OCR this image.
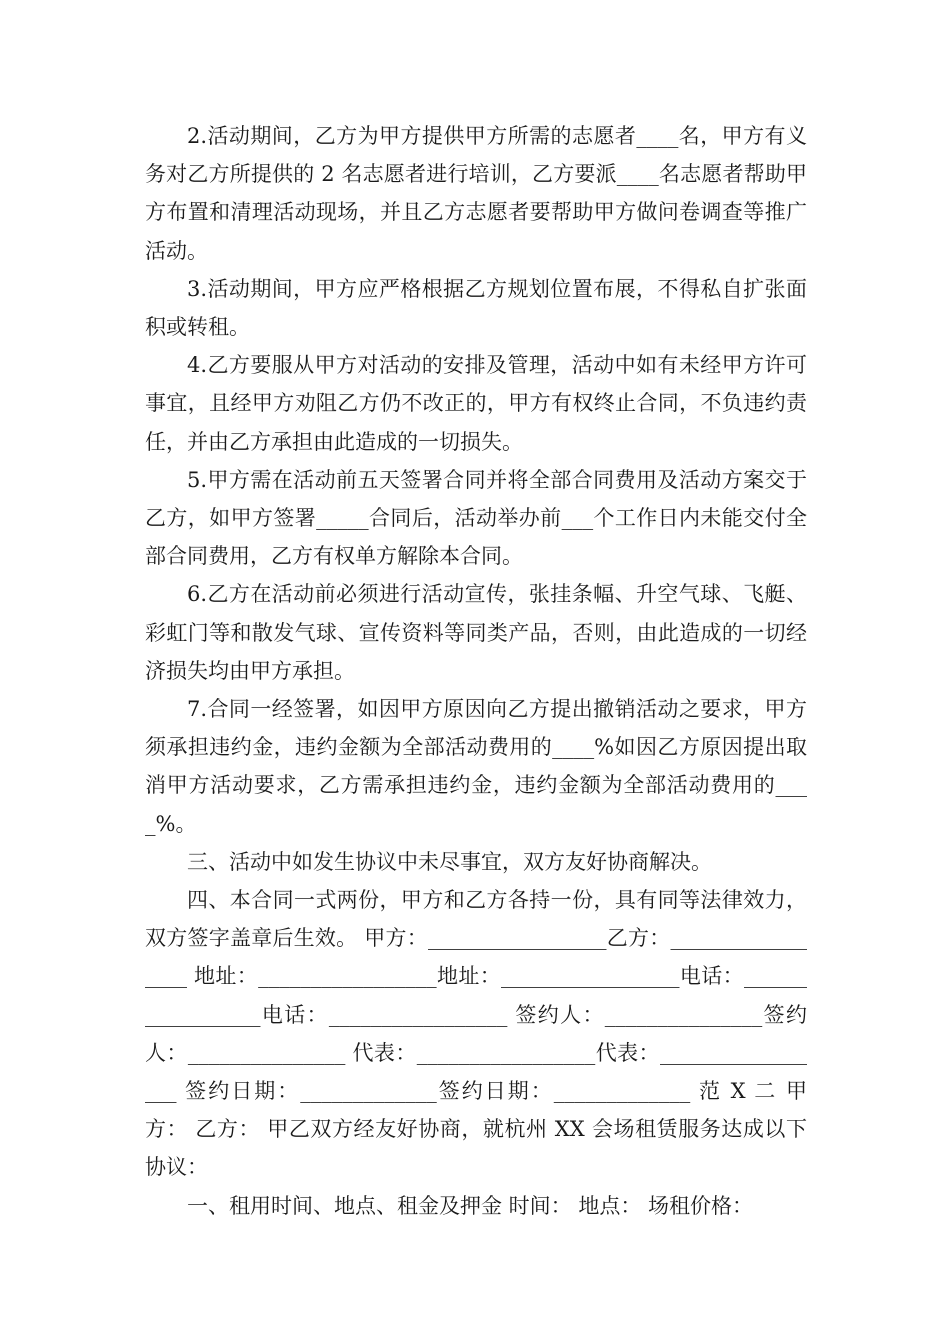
2.活动期间，乙方为甲方提供甲方所需的志愿者____名，甲方有义务对乙方所提供的 2 名志愿者进行培训，乙方要派____名志愿者帮助甲方布置和清理活动现场，并且乙方志愿者要帮助甲方做问卷调查等推广活动。

3.活动期间，甲方应严格根据乙方规划位置布展，不得私自扩张面积或转租。

4.乙方要服从甲方对活动的安排及管理，活动中如有未经甲方许可事宜，且经甲方劝阻乙方仍不改正的，甲方有权终止合同，不负违约责任，并由乙方承担由此造成的一切损失。

5.甲方需在活动前五天签署合同并将全部合同费用及活动方案交于乙方，如甲方签署_____合同后，活动举办前___个工作日内未能交付全部合同费用，乙方有权单方解除本合同。

6.乙方在活动前必须进行活动宣传，张挂条幅、升空气球、飞艇、彩虹门等和散发气球、宣传资料等同类产品，否则，由此造成的一切经济损失均由甲方承担。

7.合同一经签署，如因甲方原因向乙方提出撤销活动之要求，甲方须承担违约金，违约金额为全部活动费用的____%如因乙方原因提出取消甲方活动要求，乙方需承担违约金，违约金额为全部活动费用的____%。

三、活动中如发生协议中未尽事宜，双方友好协商解决。

四、本合同一式两份，甲方和乙方各持一份，具有同等法律效力，双方签字盖章后生效。 甲方：_________________乙方：_________________ 地址：_________________地址：_________________电话：_________________电话：_________________ 签约人：_______________签约人：_______________ 代表：_________________代表：_________________ 签约日期：_____________签约日期：_____________ 范 X 二 甲方： 乙方： 甲乙双方经友好协商，就杭州 XX 会场租赁服务达成以下协议：

一、租用时间、地点、租金及押金 时间： 地点： 场租价格：
